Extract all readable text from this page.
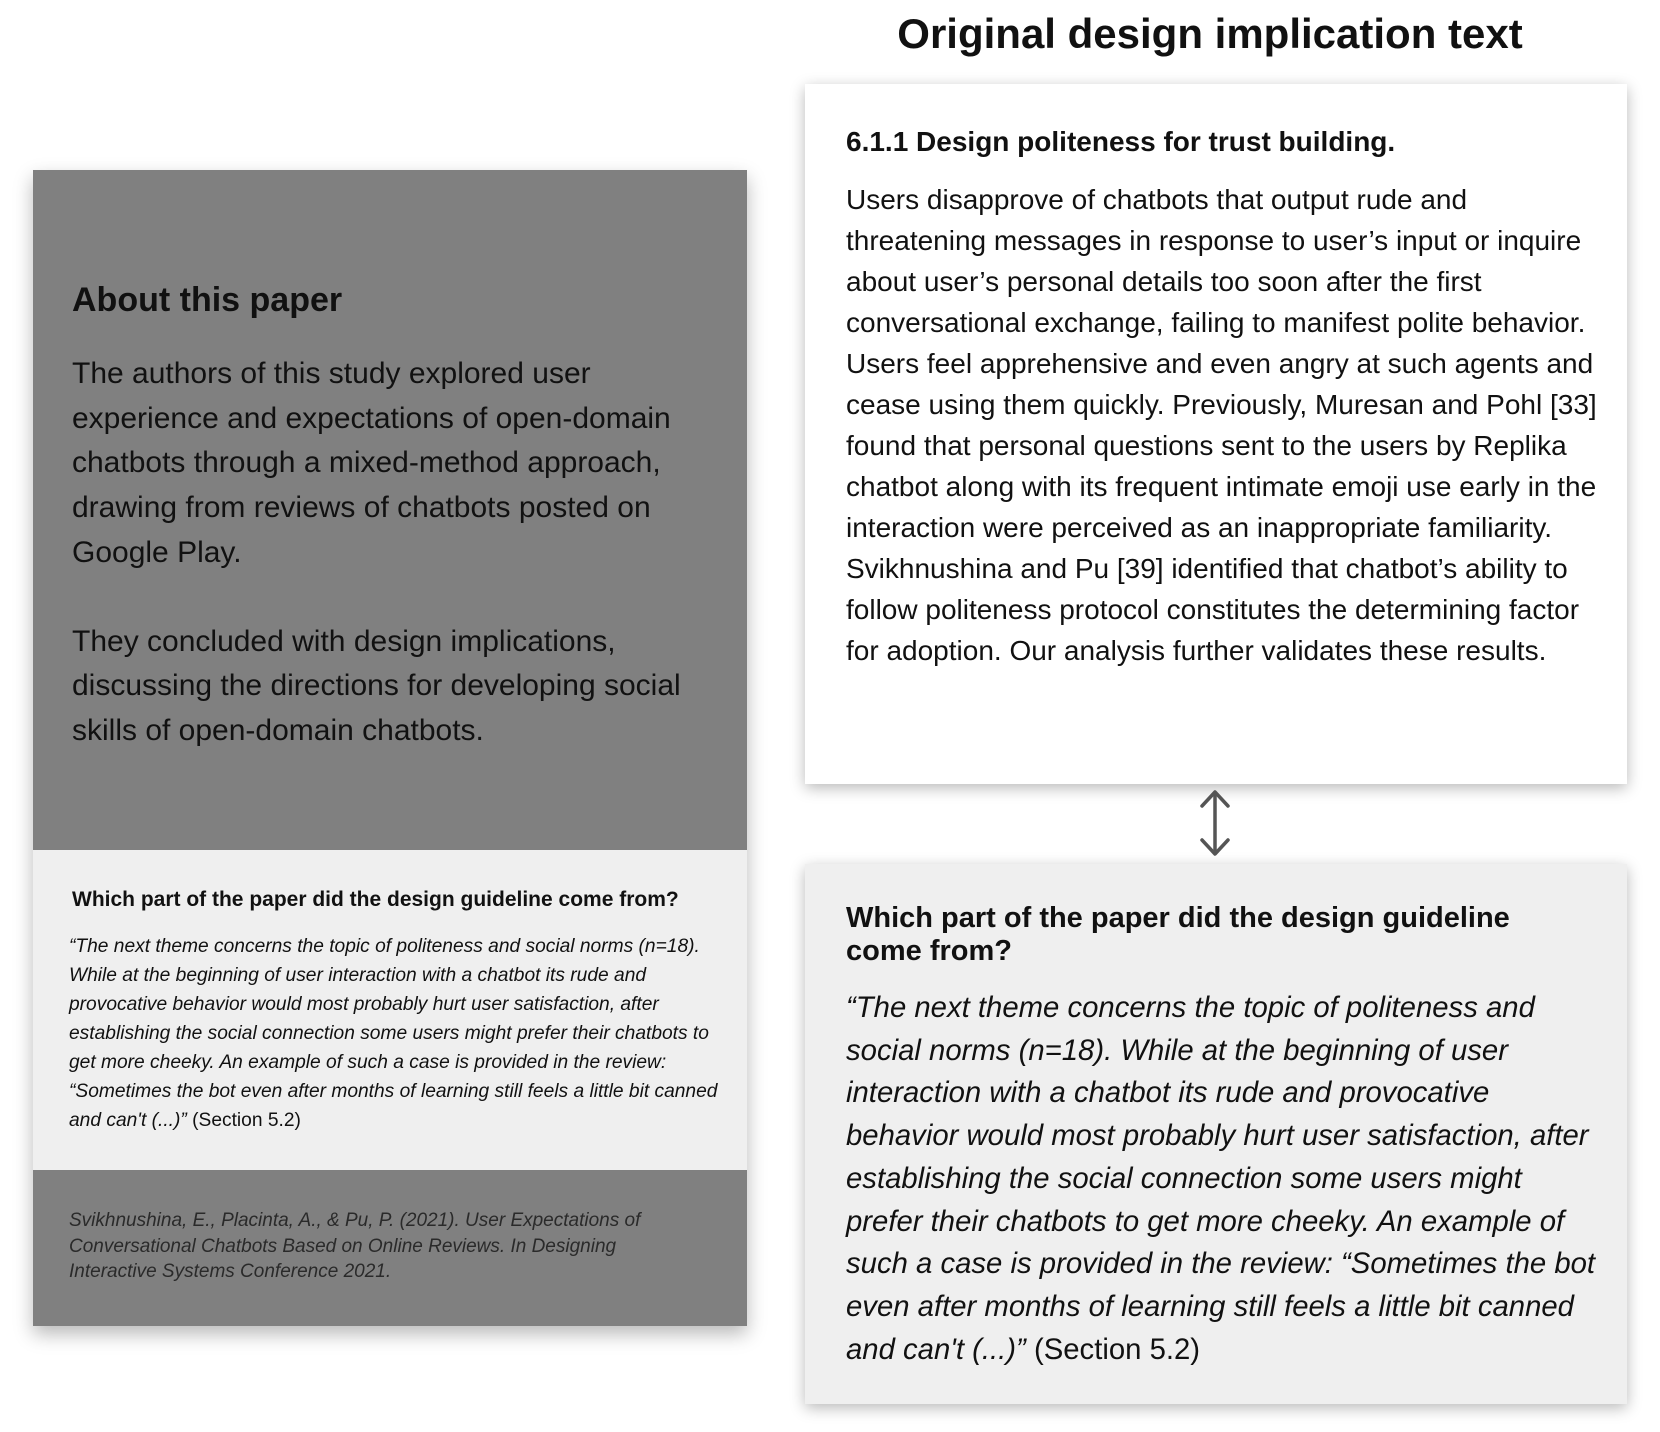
Original design implication text
About this paper

The authors of this study explored user experience and expectations of open-domain chatbots through a mixed-method approach, drawing from reviews of chatbots posted on Google Play.

They concluded with design implications, discussing the directions for developing social skills of open-domain chatbots.

Which part of the paper did the design guideline come from?
“The next theme concerns the topic of politeness and social norms (n=18). While at the beginning of user interaction with a chatbot its rude and provocative behavior would most probably hurt user satisfaction, after establishing the social connection some users might prefer their chatbots to get more cheeky. An example of such a case is provided in the review: “Sometimes the bot even after months of learning still feels a little bit canned and can't (...)” (Section 5.2)
Svikhnushina, E., Placinta, A., & Pu, P. (2021). User Expectations of Conversational Chatbots Based on Online Reviews. In Designing Interactive Systems Conference 2021.
6.1.1 Design politeness for trust building.
Users disapprove of chatbots that output rude and threatening messages in response to user’s input or inquire about user’s personal details too soon after the first conversational exchange, failing to manifest polite behavior. Users feel apprehensive and even angry at such agents and cease using them quickly. Previously, Muresan and Pohl [33] found that personal questions sent to the users by Replika chatbot along with its frequent intimate emoji use early in the interaction were perceived as an inappropriate familiarity. Svikhnushina and Pu [39] identified that chatbot’s ability to follow politeness protocol constitutes the determining factor for adoption. Our analysis further validates these results.
Which part of the paper did the design guideline come from?
“The next theme concerns the topic of politeness and social norms (n=18). While at the beginning of user interaction with a chatbot its rude and provocative behavior would most probably hurt user satisfaction, after establishing the social connection some users might prefer their chatbots to get more cheeky. An example of such a case is provided in the review: “Sometimes the bot even after months of learning still feels a little bit canned and can't (...)” (Section 5.2)
